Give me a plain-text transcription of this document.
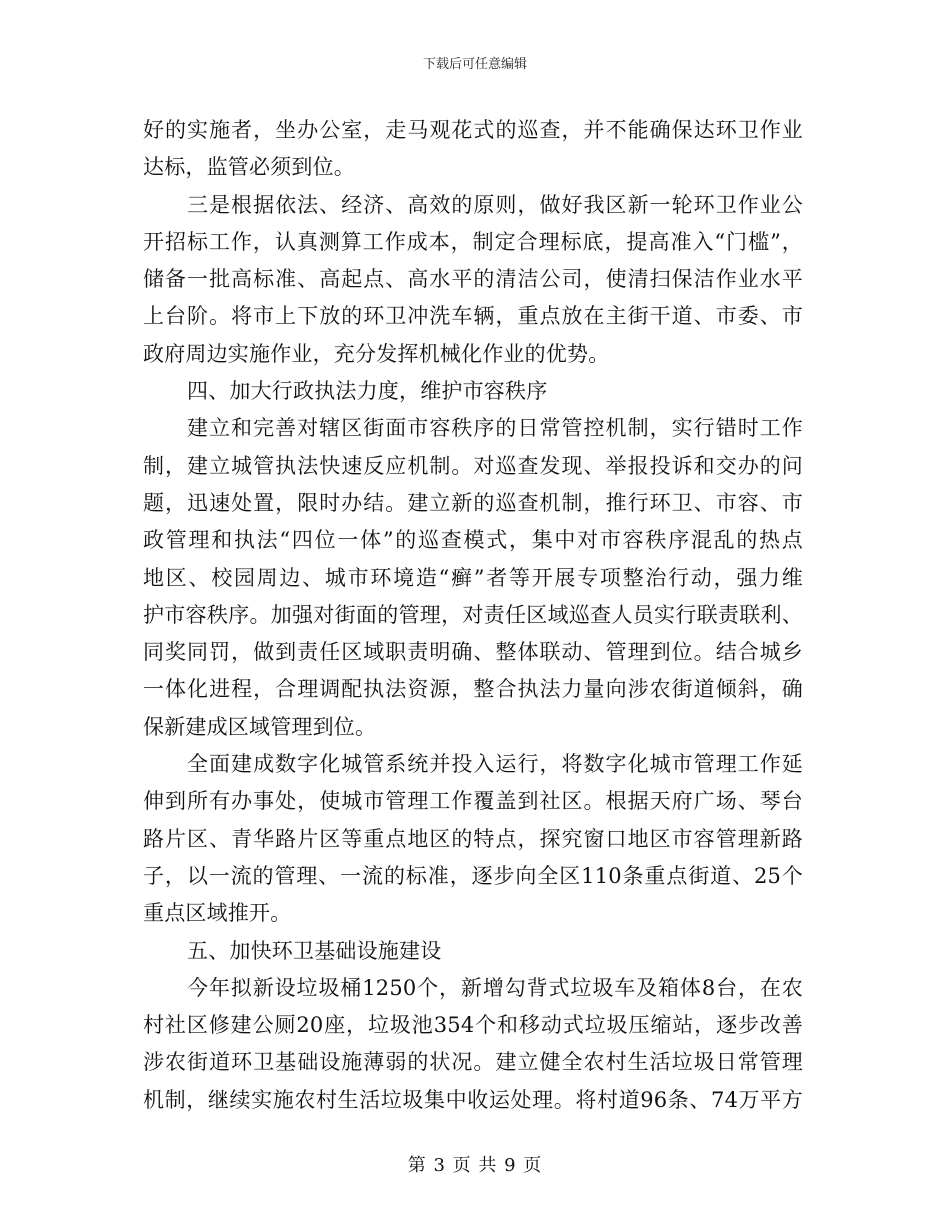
下载后可任意编辑
好的实施者，坐办公室，走马观花式的巡查，并不能确保达环卫作业
达标，监管必须到位。
三是根据依法、经济、高效的原则，做好我区新一轮环卫作业公
开招标工作，认真测算工作成本，制定合理标底，提高准入“门槛”，
储备一批高标准、高起点、高水平的清洁公司，使清扫保洁作业水平
上台阶。将市上下放的环卫冲洗车辆，重点放在主街干道、市委、市
政府周边实施作业，充分发挥机械化作业的优势。
四、加大行政执法力度，维护市容秩序
建立和完善对辖区街面市容秩序的日常管控机制，实行错时工作
制，建立城管执法快速反应机制。对巡查发现、举报投诉和交办的问
题，迅速处置，限时办结。建立新的巡查机制，推行环卫、市容、市
政管理和执法“四位一体”的巡查模式，集中对市容秩序混乱的热点
地区、校园周边、城市环境造“癣”者等开展专项整治行动，强力维
护市容秩序。加强对街面的管理，对责任区域巡查人员实行联责联利、
同奖同罚，做到责任区域职责明确、整体联动、管理到位。结合城乡
一体化进程，合理调配执法资源，整合执法力量向涉农街道倾斜，确
保新建成区域管理到位。
全面建成数字化城管系统并投入运行，将数字化城市管理工作延
伸到所有办事处，使城市管理工作覆盖到社区。根据天府广场、琴台
路片区、青华路片区等重点地区的特点，探究窗口地区市容管理新路
子，以一流的管理、一流的标准，逐步向全区110条重点街道、25个
重点区域推开。
五、加快环卫基础设施建设
今年拟新设垃圾桶1250个，新增勾背式垃圾车及箱体8台，在农
村社区修建公厕20座，垃圾池354个和移动式垃圾压缩站，逐步改善
涉农街道环卫基础设施薄弱的状况。建立健全农村生活垃圾日常管理
机制，继续实施农村生活垃圾集中收运处理。将村道96条、74万平方
第 3 页 共 9 页
